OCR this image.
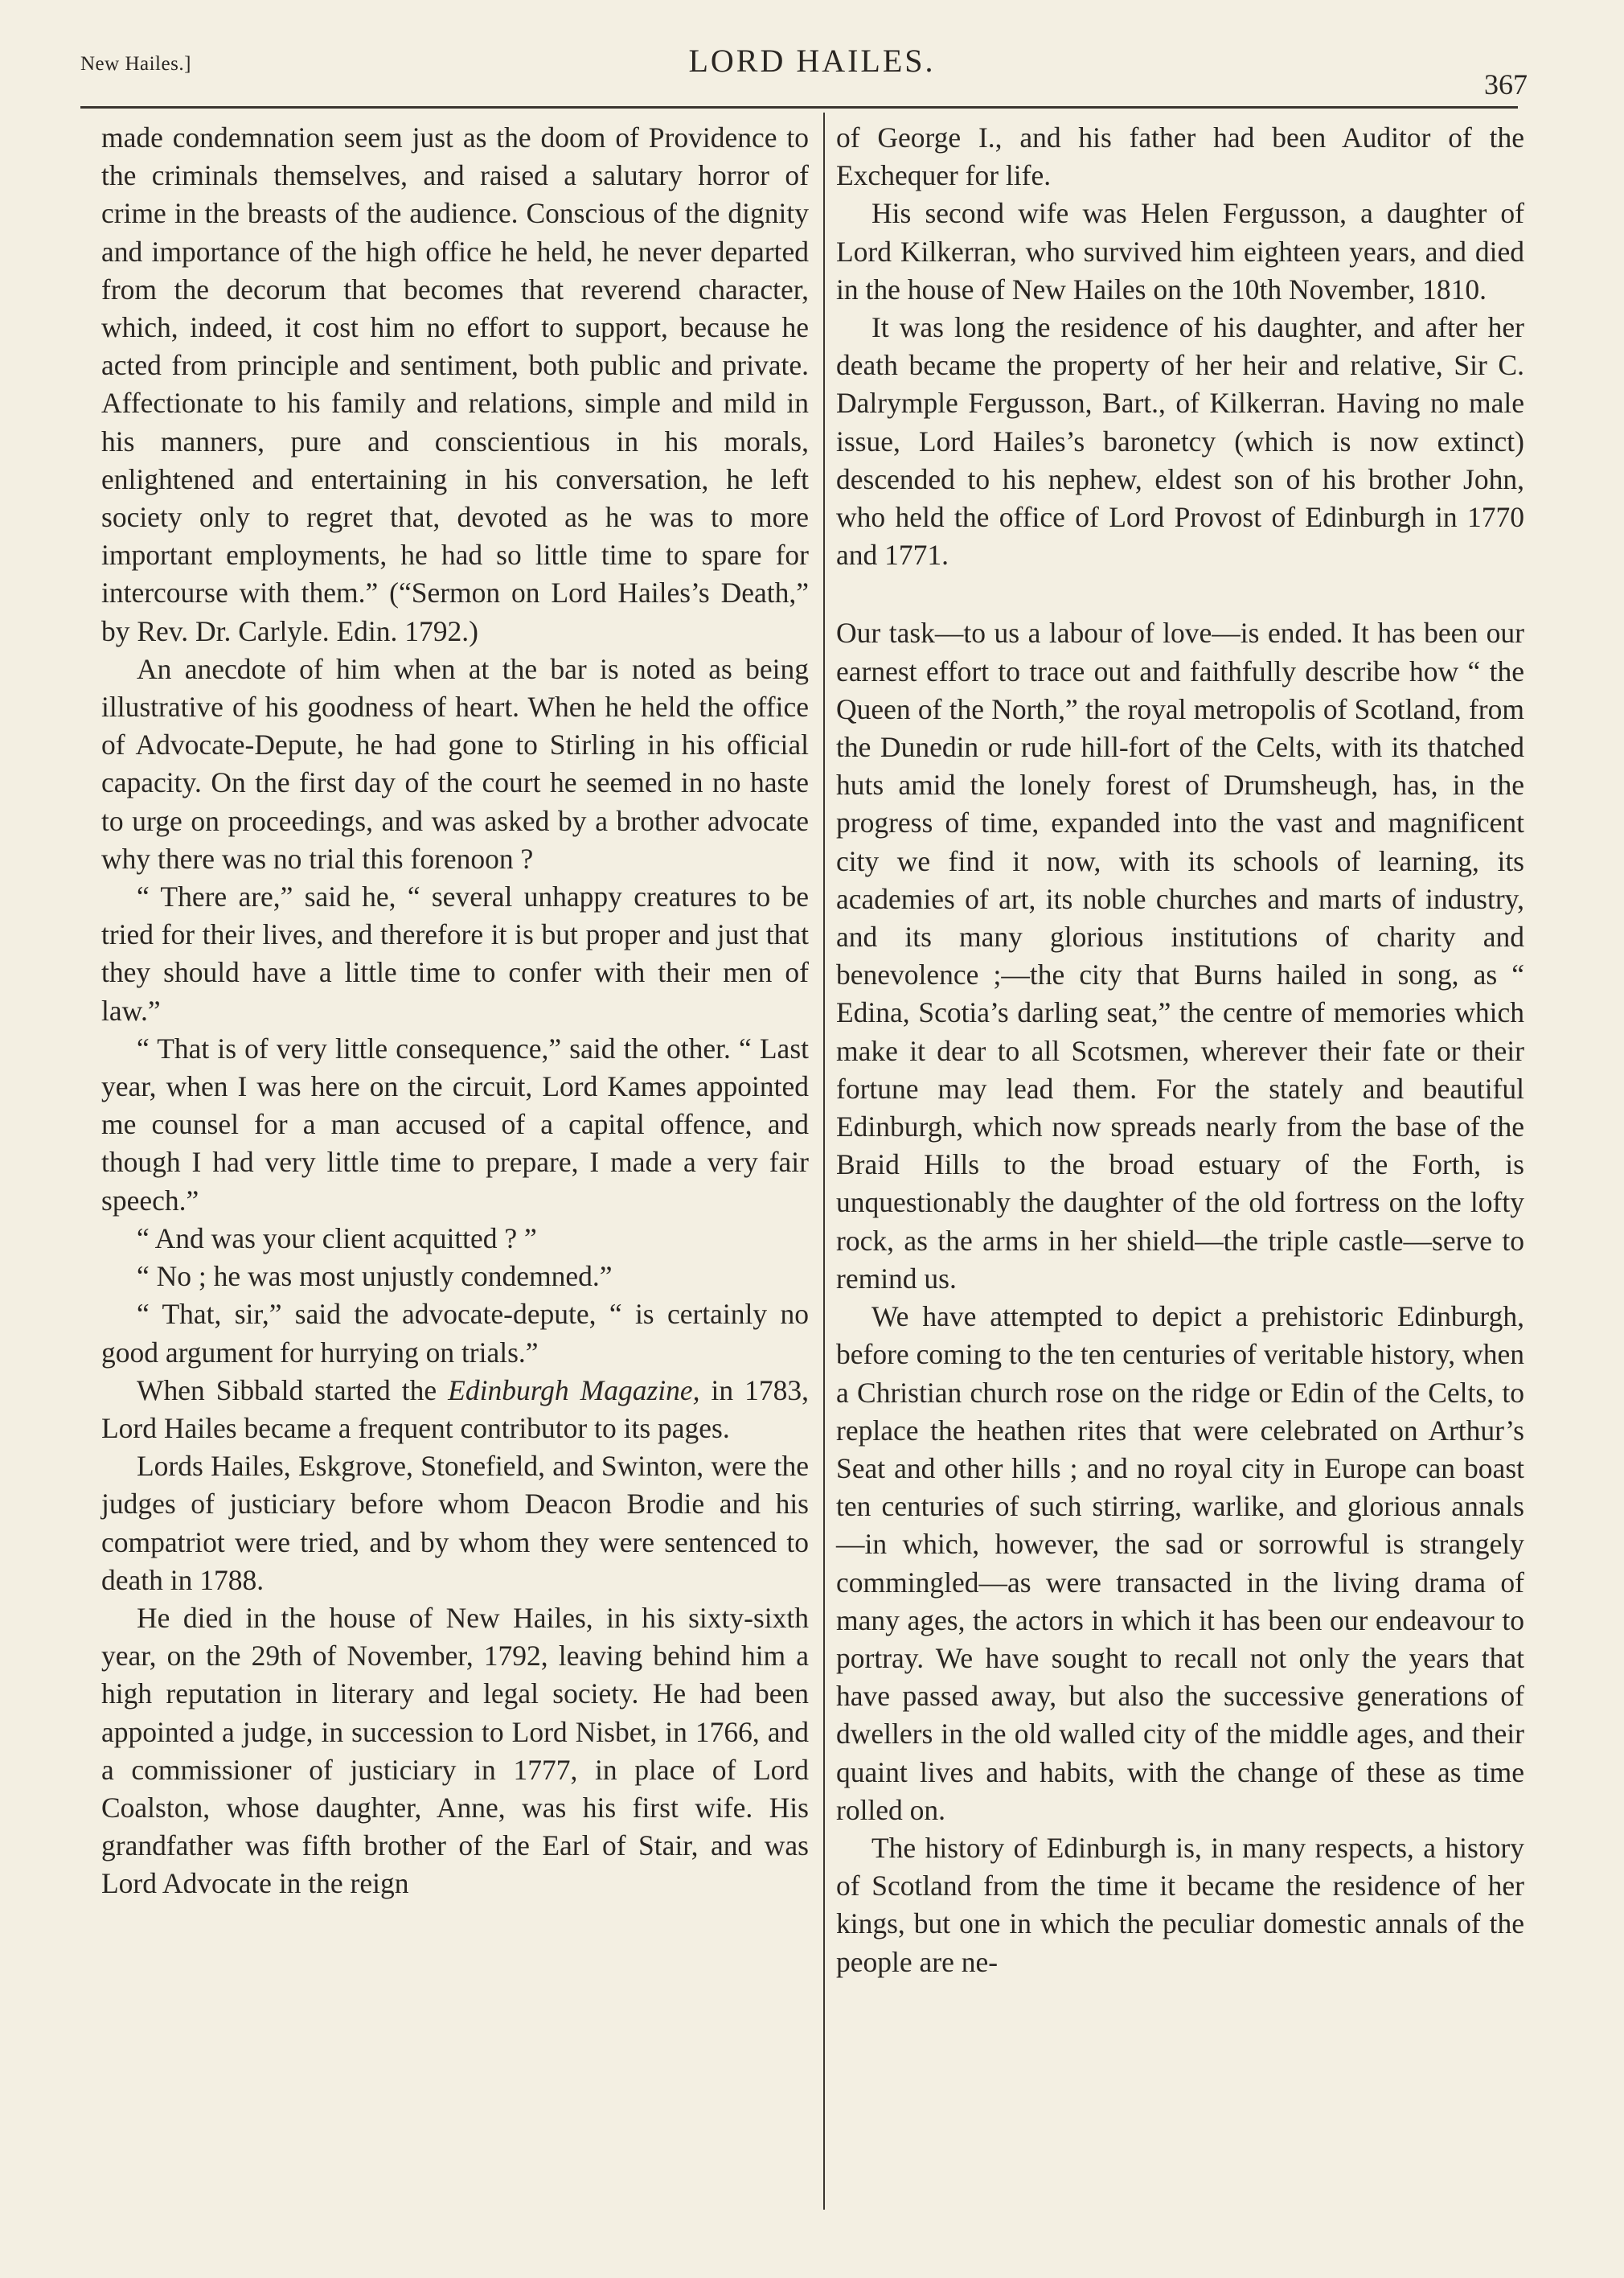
New Hailes.]	LORD HAILES.
367

made condemnation seem just as the doom of Providence to the criminals themselves, and raised a salutary horror of crime in the breasts of the audience. Conscious of the dignity and importance of the high office he held, he never departed from the decorum that becomes that reverend character, which, indeed, it cost him no effort to support, because he acted from principle and sentiment, both public and private. Affectionate to his family and relations, simple and mild in his manners, pure and conscientious in his morals, enlightened and entertaining in his conversation, he left society only to regret that, devoted as he was to more important employments, he had so little time to spare for intercourse with them.” (“Sermon on Lord Hailes’s Death,” by Rev. Dr. Carlyle. Edin. 1792.)

An anecdote of him when at the bar is noted as being illustrative of his goodness of heart. When he held the office of Advocate-Depute, he had gone to Stirling in his official capacity. On the first day of the court he seemed in no haste to urge on proceedings, and was asked by a brother advocate why there was no trial this forenoon ?

“ There are,” said he, “ several unhappy creatures to be tried for their lives, and therefore it is but proper and just that they should have a little time to confer with their men of law.”

“ That is of very little consequence,” said the other. “ Last year, when I was here on the circuit, Lord Kames appointed me counsel for a man accused of a capital offence, and though I had very little time to prepare, I made a very fair speech.”

“ And was your client acquitted ? ”

“ No ; he was most unjustly condemned.”

“ That, sir,” said the advocate-depute, “ is certainly no good argument for hurrying on trials.”

When Sibbald started the Edinburgh Magazine, in 1783, Lord Hailes became a frequent contributor to its pages.

Lords Hailes, Eskgrove, Stonefield, and Swinton, were the judges of justiciary before whom Deacon Brodie and his compatriot were tried, and by whom they were sentenced to death in 1788.

He died in the house of New Hailes, in his sixty-sixth year, on the 29th of November, 1792, leaving behind him a high reputation in literary and legal society. He had been appointed a judge, in succession to Lord Nisbet, in 1766, and a commissioner of justiciary in 1777, in place of Lord Coalston, whose daughter, Anne, was his first wife. His grandfather was fifth brother of the Earl of Stair, and was Lord Advocate in the reign

of George I., and his father had been Auditor of the Exchequer for life.

His second wife was Helen Fergusson, a daughter of Lord Kilkerran, who survived him eighteen years, and died in the house of New Hailes on the 10th November, 1810.

It was long the residence of his daughter, and after her death became the property of her heir and relative, Sir C. Dalrymple Fergusson, Bart., of Kilkerran. Having no male issue, Lord Hailes’s baronetcy (which is now extinct) descended to his nephew, eldest son of his brother John, who held the office of Lord Provost of Edinburgh in 1770 and 1771.

Our task—to us a labour of love—is ended. It has been our earnest effort to trace out and faithfully describe how “ the Queen of the North,” the royal metropolis of Scotland, from the Dunedin or rude hill-fort of the Celts, with its thatched huts amid the lonely forest of Drumsheugh, has, in the progress of time, expanded into the vast and magnificent city we find it now, with its schools of learning, its academies of art, its noble churches and marts of industry, and its many glorious institutions of charity and benevolence ;—the city that Burns hailed in song, as “ Edina, Scotia’s darling seat,” the centre of memories which make it dear to all Scotsmen, wherever their fate or their fortune may lead them. For the stately and beautiful Edinburgh, which now spreads nearly from the base of the Braid Hills to the broad estuary of the Forth, is unquestionably the daughter of the old fortress on the lofty rock, as the arms in her shield—the triple castle—serve to remind us.

We have attempted to depict a prehistoric Edinburgh, before coming to the ten centuries of veritable history, when a Christian church rose on the ridge or Edin of the Celts, to replace the heathen rites that were celebrated on Arthur’s Seat and other hills ; and no royal city in Europe can boast ten centuries of such stirring, warlike, and glorious annals—in which, however, the sad or sorrowful is strangely commingled—as were transacted in the living drama of many ages, the actors in which it has been our endeavour to portray. We have sought to recall not only the years that have passed away, but also the successive generations of dwellers in the old walled city of the middle ages, and their quaint lives and habits, with the change of these as time rolled on.

The history of Edinburgh is, in many respects, a history of Scotland from the time it became the residence of her kings, but one in which the peculiar domestic annals of the people are ne-
